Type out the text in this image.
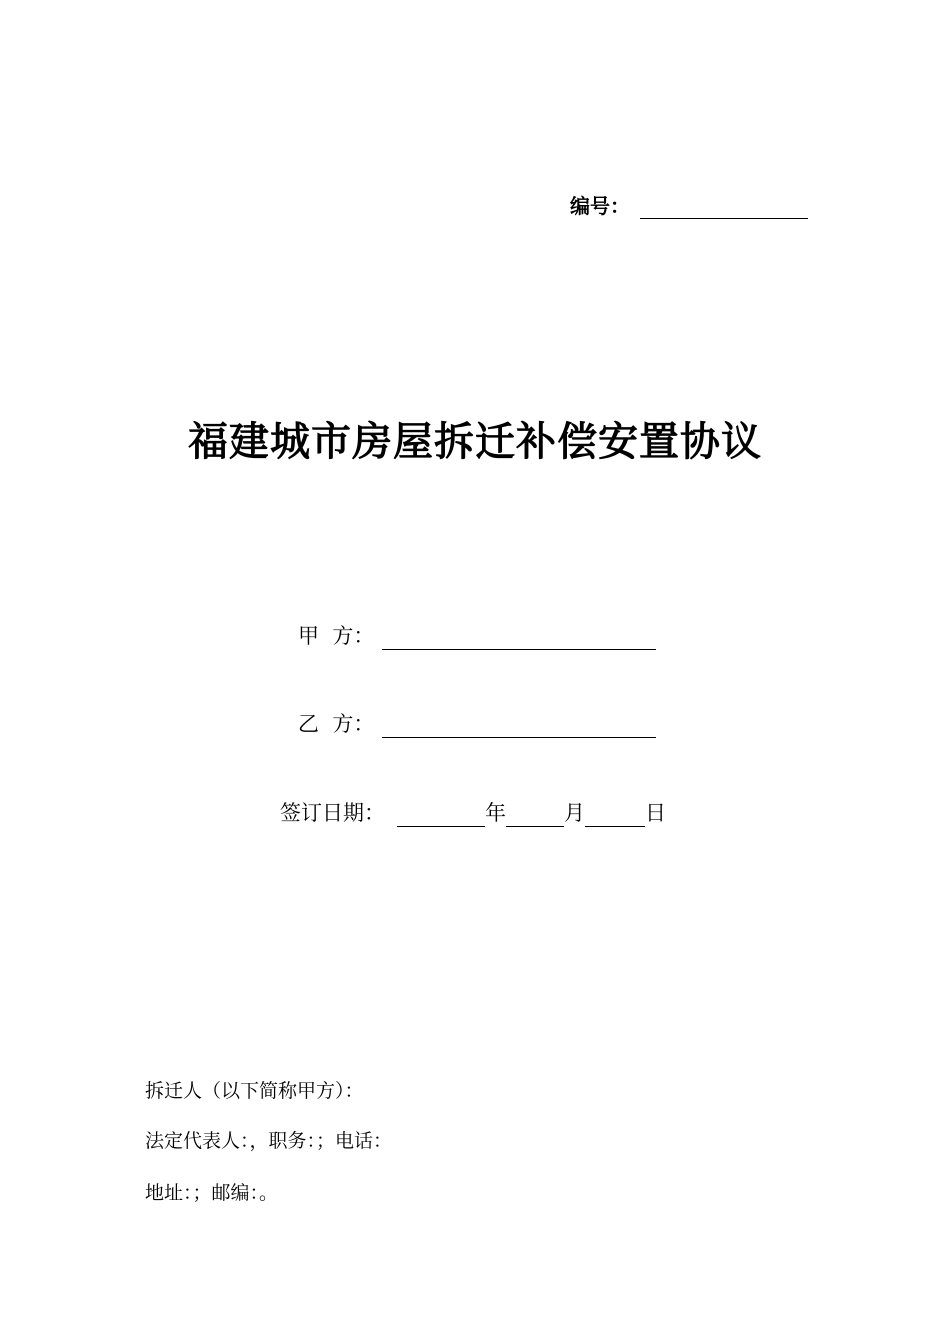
编号：
福建城市房屋拆迁补偿安置协议
甲  方：
乙  方：
签订日期：	年	月	日
拆迁人（以下简称甲方）：
法定代表人：，职务：；电话：
地址：；邮编：。
